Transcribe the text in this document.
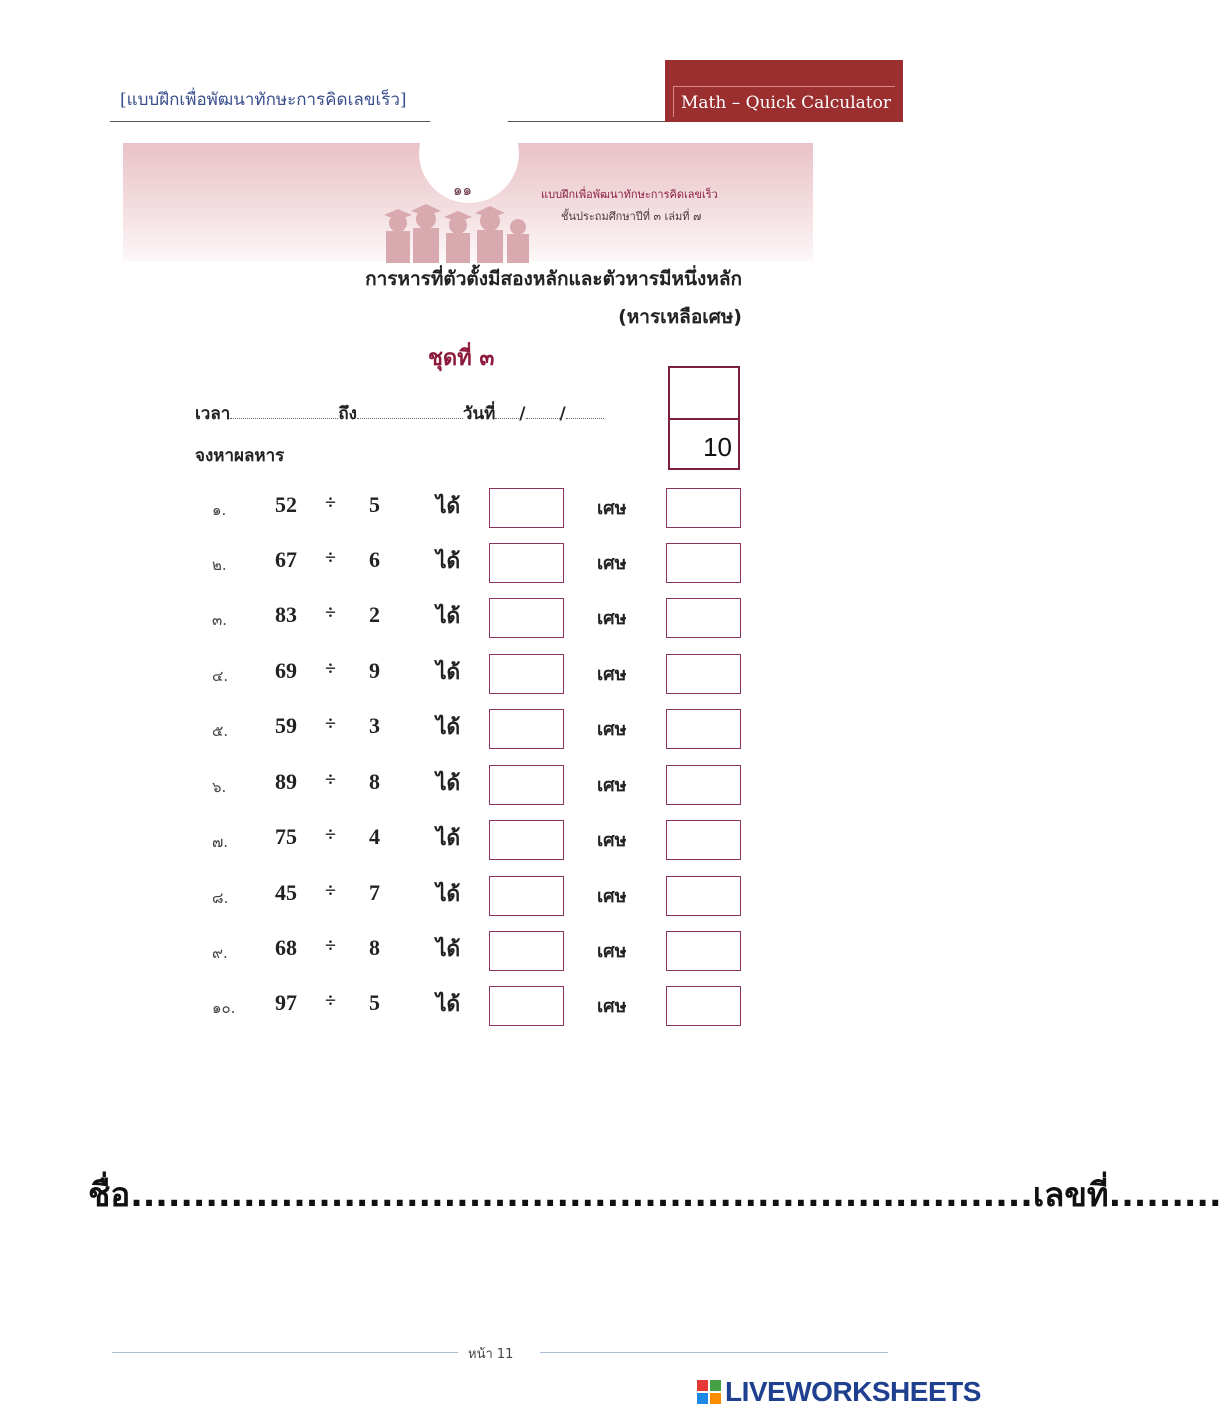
[แบบฝึกเพื่อพัฒนาทักษะการคิดเลขเร็ว]	Math – Quick Calculator
๑๑	แบบฝึกเพื่อพัฒนาทักษะการคิดเลขเร็ว
ชั้นประถมศึกษาปีที่ ๓ เล่มที่ ๗
การหารที่ตัวตั้งมีสองหลักและตัวหารมีหนึ่งหลัก
(หารเหลือเศษ)
ชุดที่ ๓
เวลา	ถึง	วันที่ / /
จงหาผลหาร	10
๑. 52 ÷ 5	ได้	เศษ
๒. 67 ÷ 6	ได้	เศษ
๓. 83 ÷ 2	ได้	เศษ
๔. 69 ÷ 9	ได้	เศษ
๕. 59 ÷ 3	ได้	เศษ
๖. 89 ÷ 8	ได้	เศษ
๗. 75 ÷ 4	ได้	เศษ
๘. 45 ÷ 7	ได้	เศษ
๙. 68 ÷ 8	ได้	เศษ
๑๐. 97 ÷ 5	ได้	เศษ
ชื่อ........................................................................เลขที่.........
หน้า 11
LIVEWORKSHEETS
